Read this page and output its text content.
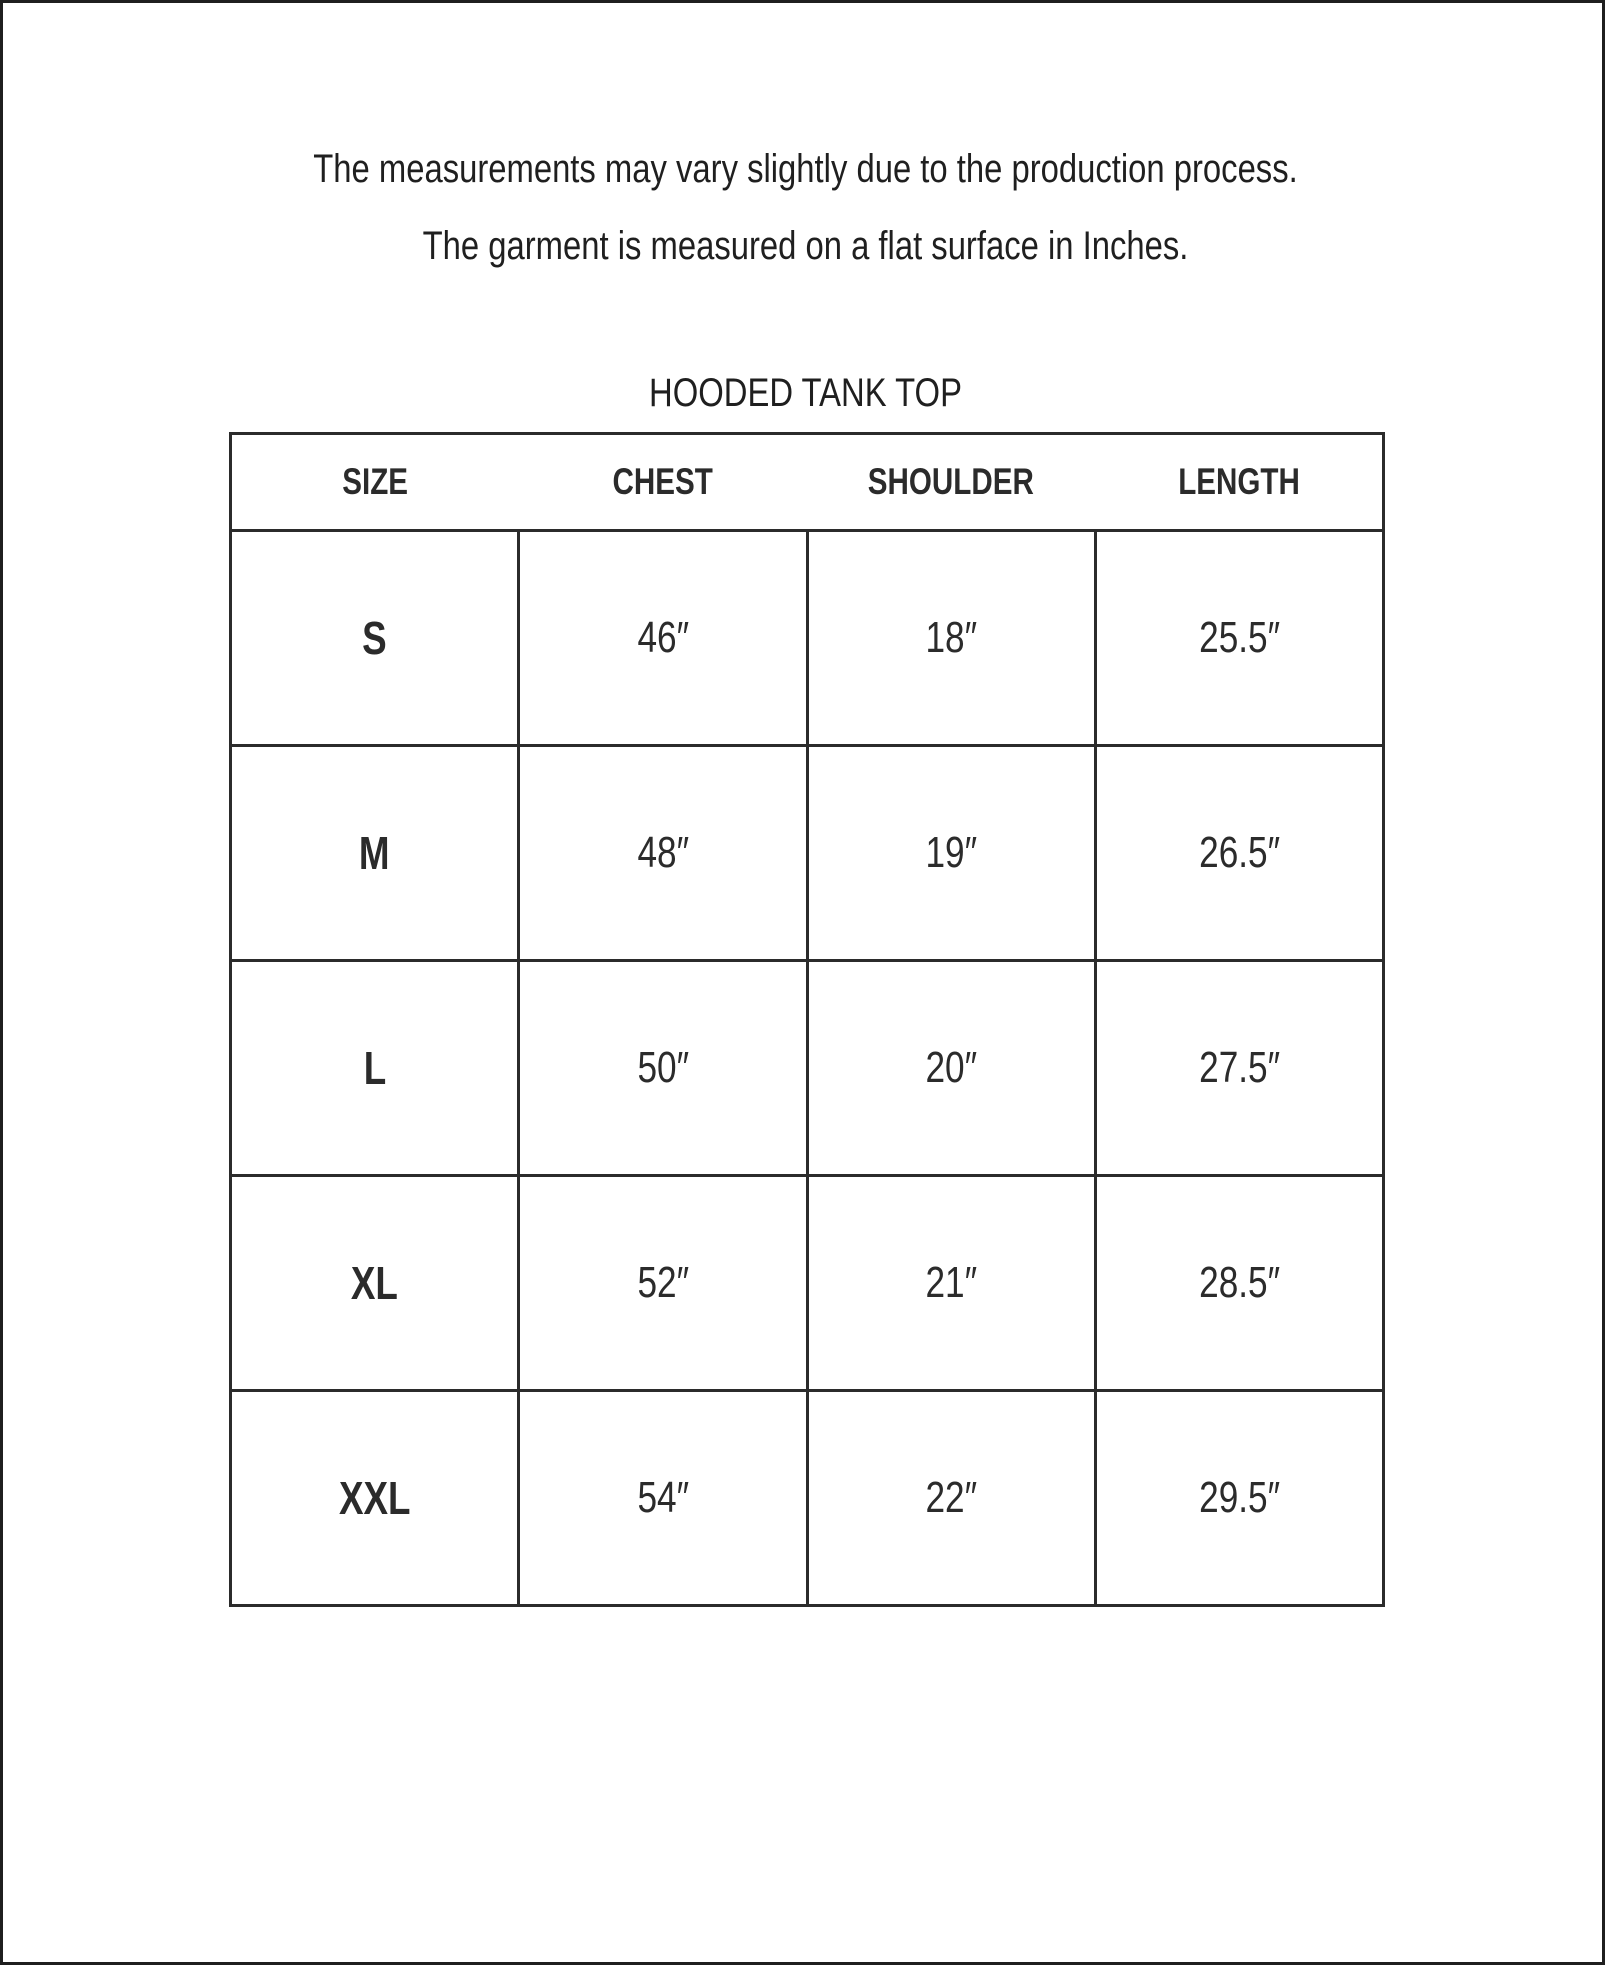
The measurements may vary slightly due to the production process.
The garment is measured on a flat surface in Inches.
HOODED TANK TOP
SIZE	CHEST	SHOULDER	LENGTH
S	46″	18″	25.5″
M	48″	19″	26.5″
L	50″	20″	27.5″
XL	52″	21″	28.5″
XXL	54″	22″	29.5″
